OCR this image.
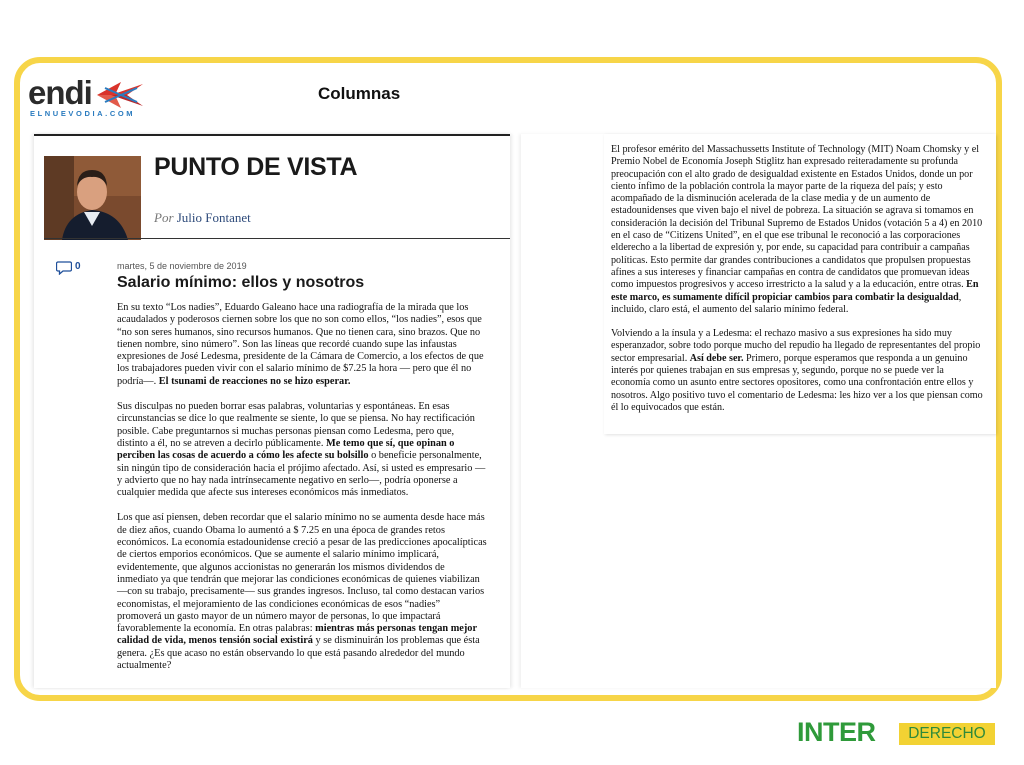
endi
ELNUEVODIA.COM
Columnas
PUNTO DE VISTA
Por Julio Fontanet
0	martes, 5 de noviembre de 2019
Salario mínimo: ellos y nosotros

En su texto “Los nadies”, Eduardo Galeano hace una radiografía de la mirada que los acaudalados y poderosos ciernen sobre los que no son como ellos, “los nadies”, esos que “no son seres humanos, sino recursos humanos. Que no tienen cara, sino brazos. Que no tienen nombre, sino número”. Son las líneas que recordé cuando supe las infaustas expresiones de José Ledesma, presidente de la Cámara de Comercio, a los efectos de que los trabajadores pueden vivir con el salario mínimo de $7.25 la hora — pero que él no podría—. El tsunami de reacciones no se hizo esperar.

Sus disculpas no pueden borrar esas palabras, voluntarias y espontáneas. En esas circunstancias se dice lo que realmente se siente, lo que se piensa. No hay rectificación posible. Cabe preguntarnos si muchas personas piensan como Ledesma, pero que, distinto a él, no se atreven a decirlo públicamente. Me temo que sí, que opinan o perciben las cosas de acuerdo a cómo les afecte su bolsillo o beneficie personalmente, sin ningún tipo de consideración hacia el prójimo afectado. Así, si usted es empresario —y advierto que no hay nada intrínsecamente negativo en serlo—, podría oponerse a cualquier medida que afecte sus intereses económicos más inmediatos.

Los que así piensen, deben recordar que el salario mínimo no se aumenta desde hace más de diez años, cuando Obama lo aumentó a $ 7.25 en una época de grandes retos económicos. La economía estadounidense creció a pesar de las predicciones apocalípticas de ciertos emporios económicos. Que se aumente el salario mínimo implicará, evidentemente, que algunos accionistas no generarán los mismos dividendos de inmediato ya que tendrán que mejorar las condiciones económicas de quienes viabilizan —con su trabajo, precisamente— sus grandes ingresos. Incluso, tal como destacan varios economistas, el mejoramiento de las condiciones económicas de esos “nadies” promoverá un gasto mayor de un número mayor de personas, lo que impactará favorablemente la economía. En otras palabras: mientras más personas tengan mejor calidad de vida, menos tensión social existirá y se disminuirán los problemas que ésta genera. ¿Es que acaso no están observando lo que está pasando alrededor del mundo actualmente?

El profesor emérito del Massachussetts Institute of Technology (MIT) Noam Chomsky y el Premio Nobel de Economía Joseph Stiglitz han expresado reiteradamente su profunda preocupación con el alto grado de desigualdad existente en Estados Unidos, donde un por ciento ínfimo de la población controla la mayor parte de la riqueza del país; y esto acompañado de la disminución acelerada de la clase media y de un aumento de estadounidenses que viven bajo el nivel de pobreza. La situación se agrava si tomamos en consideración la decisión del Tribunal Supremo de Estados Unidos (votación 5 a 4) en 2010 en el caso de “Citizens United”, en el que ese tribunal le reconoció a las corporaciones elderecho a la libertad de expresión y, por ende, su capacidad para contribuir a campañas políticas. Esto permite dar grandes contribuciones a candidatos que propulsen propuestas afines a sus intereses y financiar campañas en contra de candidatos que promuevan ideas como impuestos progresivos y acceso irrestricto a la salud y a la educación, entre otras. En este marco, es sumamente difícil propiciar cambios para combatir la desigualdad, incluido, claro está, el aumento del salario mínimo federal.

Volviendo a la ínsula y a Ledesma: el rechazo masivo a sus expresiones ha sido muy esperanzador, sobre todo porque mucho del repudio ha llegado de representantes del propio sector empresarial. Así debe ser. Primero, porque esperamos que responda a un genuino interés por quienes trabajan en sus empresas y, segundo, porque no se puede ver la economía como un asunto entre sectores opositores, como una confrontación entre ellos y nosotros. Algo positivo tuvo el comentario de Ledesma: les hizo ver a los que piensan como él lo equivocados que están.

INTER	DERECHO
